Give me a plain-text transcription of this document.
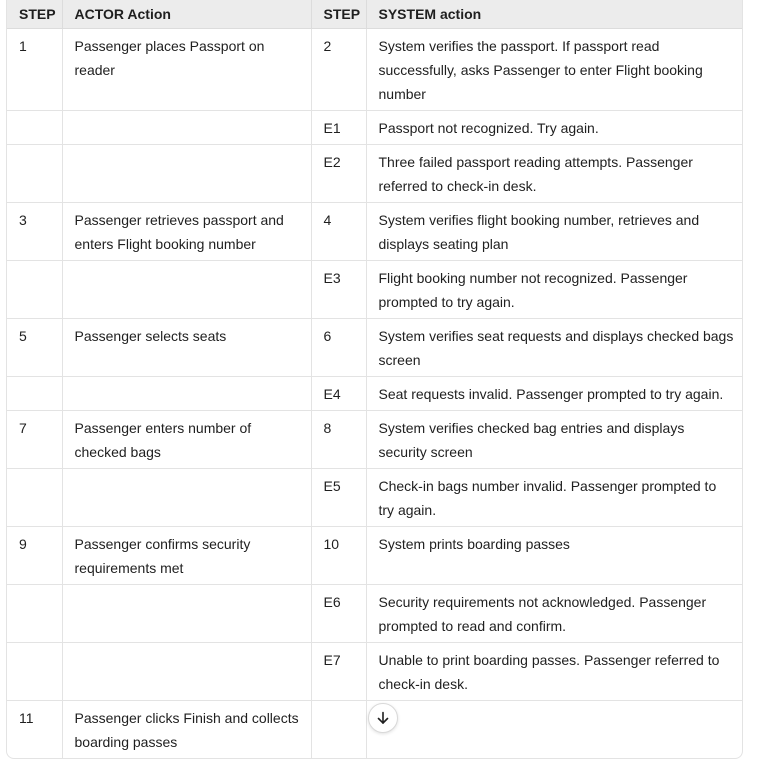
STEP	ACTOR Action	STEP	SYSTEM action
1	Passenger places Passport on reader	2	System verifies the passport. If passport read successfully, asks Passenger to enter Flight booking number
		E1	Passport not recognized. Try again.
		E2	Three failed passport reading attempts. Passenger referred to check-in desk.
3	Passenger retrieves passport and enters Flight booking number	4	System verifies flight booking number, retrieves and displays seating plan
		E3	Flight booking number not recognized. Passenger prompted to try again.
5	Passenger selects seats	6	System verifies seat requests and displays checked bags screen
		E4	Seat requests invalid. Passenger prompted to try again.
7	Passenger enters number of checked bags	8	System verifies checked bag entries and displays security screen
		E5	Check-in bags number invalid. Passenger prompted to try again.
9	Passenger confirms security requirements met	10	System prints boarding passes
		E6	Security requirements not acknowledged. Passenger prompted to read and confirm.
		E7	Unable to print boarding passes. Passenger referred to check-in desk.
11	Passenger clicks Finish and collects boarding passes		
